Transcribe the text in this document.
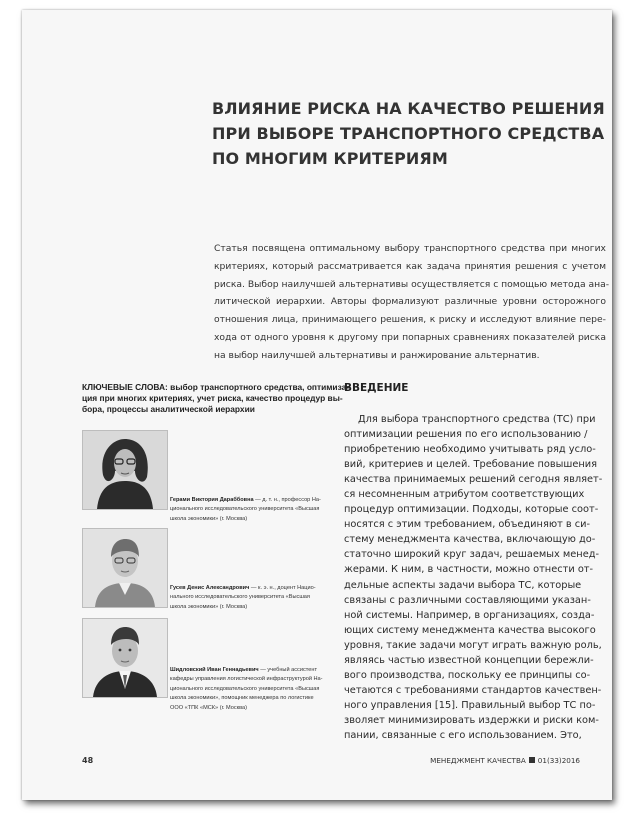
ВЛИЯНИЕ РИСКА НА КАЧЕСТВО РЕШЕНИЯ
ПРИ ВЫБОРЕ ТРАНСПОРТНОГО СРЕДСТВА
ПО МНОГИМ КРИТЕРИЯМ
Статья посвящена оптимальному выбору транспортного средства при многих
критериях, который рассматривается как задача принятия решения с учетом
риска. Выбор наилучшей альтернативы осуществляется с помощью метода ана-
литической иерархии. Авторы формализуют различные уровни осторожного
отношения лица, принимающего решения, к риску и исследуют влияние пере-
хода от одного уровня к другому при попарных сравнениях показателей риска
на выбор наилучшей альтернативы и ранжирование альтернатив.
КЛЮЧЕВЫЕ СЛОВА: выбор транспортного средства, оптимиза-
ция при многих критериях, учет риска, качество процедур вы-
бора, процессы аналитической иерархии
Герами Виктория Дараббовна — д. т. н., профессор На-
ционального исследовательского университета «Высшая
школа экономики» (г. Москва)
Гусев Денис Александрович — к. э. н., доцент Нацио-
нального исследовательского университета «Высшая
школа экономики» (г. Москва)
Шидловский Иван Геннадьевич — учебный ассистент
кафедры управления логистической инфраструктурой На-
ционального исследовательского университета «Высшая
школа экономики», помощник менеджера по логистике
ООО «ТПК «МСК» (г. Москва)
ВВЕДЕНИЕ
Для выбора транспортного средства (ТС) при
оптимизации решения по его использованию /
приобретению необходимо учитывать ряд усло-
вий, критериев и целей. Требование повышения
качества принимаемых решений сегодня являет-
ся несомненным атрибутом соответствующих
процедур оптимизации. Подходы, которые соот-
носятся с этим требованием, объединяют в си-
стему менеджмента качества, включающую до-
статочно широкий круг задач, решаемых менед-
жерами. К ним, в частности, можно отнести от-
дельные аспекты задачи выбора ТС, которые
связаны с различными составляющими указан-
ной системы. Например, в организациях, созда-
ющих систему менеджмента качества высокого
уровня, такие задачи могут играть важную роль,
являясь частью известной концепции бережли-
вого производства, поскольку ее принципы со-
четаются с требованиями стандартов качествен-
ного управления [15]. Правильный выбор ТС по-
зволяет минимизировать издержки и риски ком-
пании, связанные с его использованием. Это,
48	МЕНЕДЖМЕНТ КАЧЕСТВА 01(33)2016
